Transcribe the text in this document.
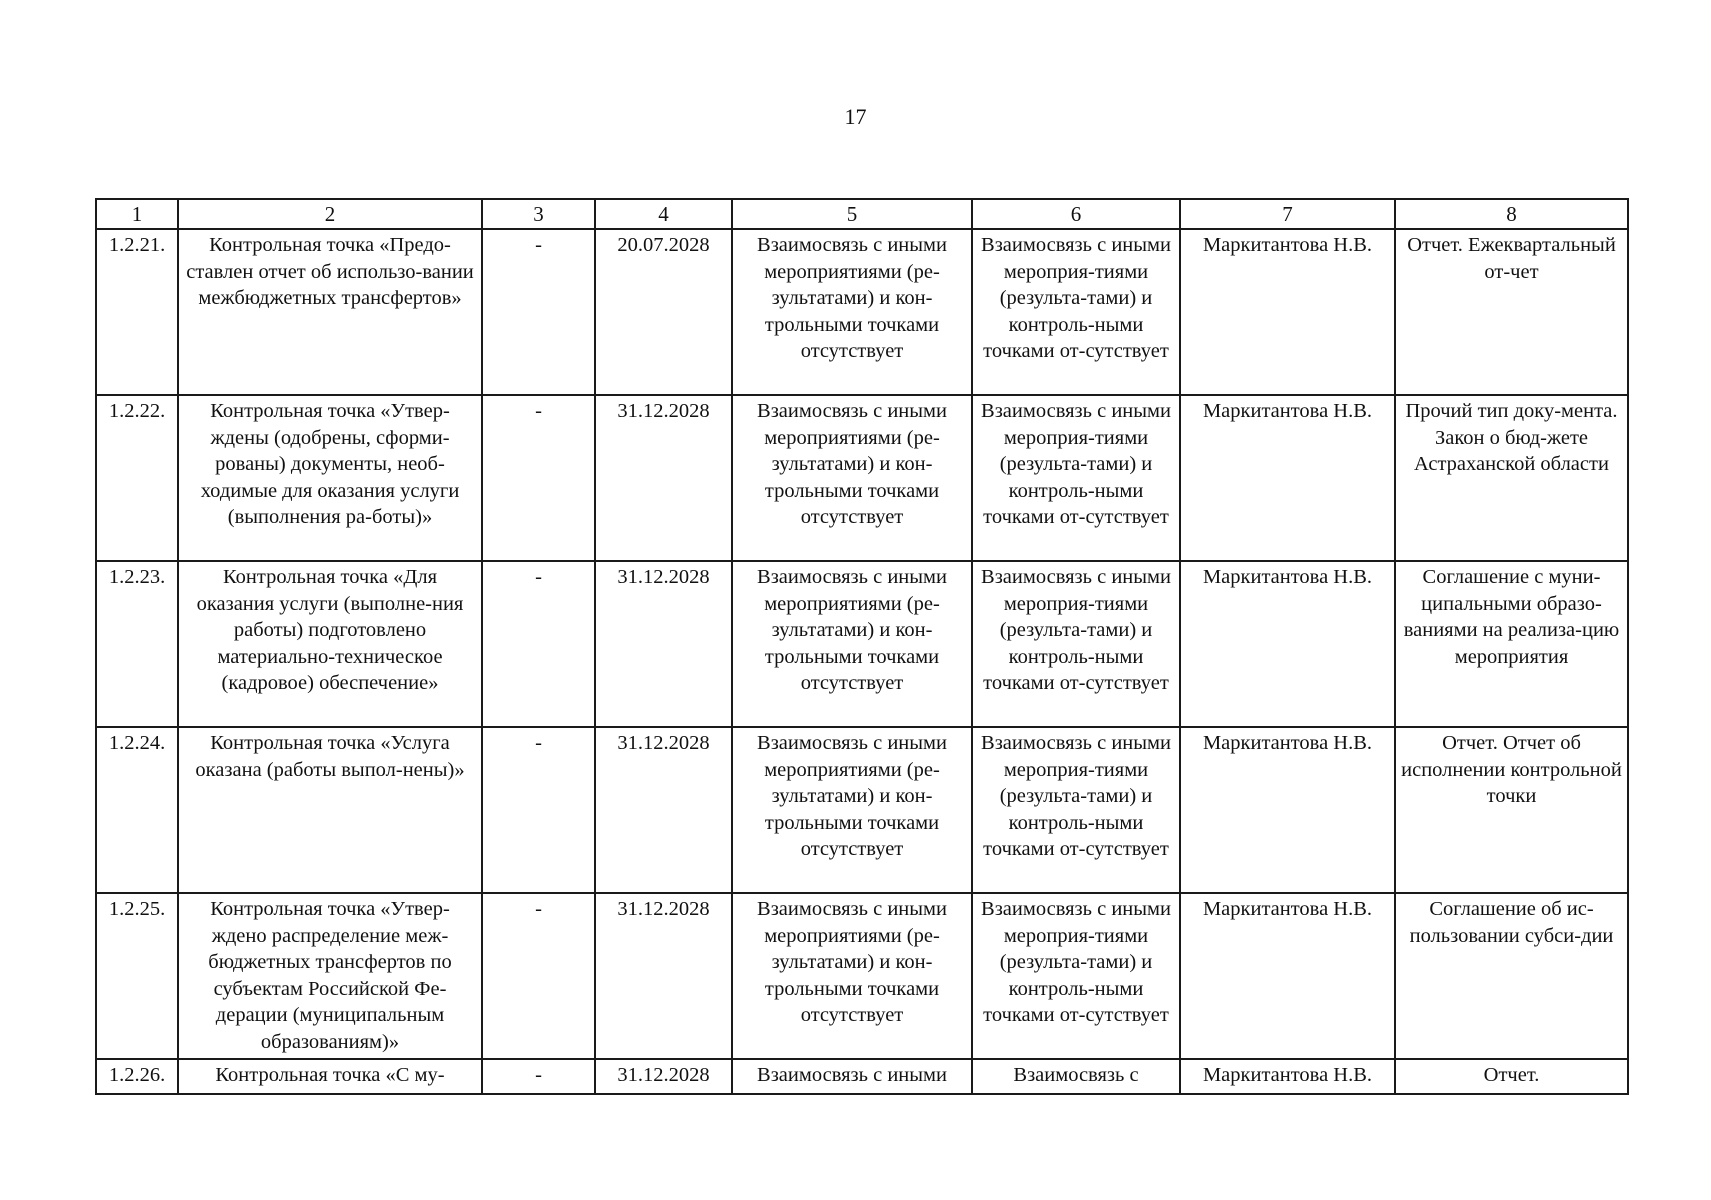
17
1	2	3	4	5	6	7	8
1.2.21.	Контрольная точка «Предо-ставлен отчет об использо-вании межбюджетных трансфертов»	-	20.07.2028	Взаимосвязь с иными мероприятиями (ре-зультатами) и кон-трольными точками отсутствует	Взаимосвязь с иными мероприя-тиями (результа-тами) и контроль-ными точками от-сутствует	Маркитантова Н.В.	Отчет. Ежеквартальный от-чет
1.2.22.	Контрольная точка «Утвер-ждены (одобрены, сформи-рованы) документы, необ-ходимые для оказания услуги (выполнения ра-боты)»	-	31.12.2028	Взаимосвязь с иными мероприятиями (ре-зультатами) и кон-трольными точками отсутствует	Взаимосвязь с иными мероприя-тиями (результа-тами) и контроль-ными точками от-сутствует	Маркитантова Н.В.	Прочий тип доку-мента. Закон о бюд-жете Астраханской области
1.2.23.	Контрольная точка «Для оказания услуги (выполне-ния работы) подготовлено материально-техническое (кадровое) обеспечение»	-	31.12.2028	Взаимосвязь с иными мероприятиями (ре-зультатами) и кон-трольными точками отсутствует	Взаимосвязь с иными мероприя-тиями (результа-тами) и контроль-ными точками от-сутствует	Маркитантова Н.В.	Соглашение с муни-ципальными образо-ваниями на реализа-цию мероприятия
1.2.24.	Контрольная точка «Услуга оказана (работы выпол-нены)»	-	31.12.2028	Взаимосвязь с иными мероприятиями (ре-зультатами) и кон-трольными точками отсутствует	Взаимосвязь с иными мероприя-тиями (результа-тами) и контроль-ными точками от-сутствует	Маркитантова Н.В.	Отчет. Отчет об исполнении контрольной точки
1.2.25.	Контрольная точка «Утвер-ждено распределение меж-бюджетных трансфертов по субъектам Российской Фе-дерации (муниципальным образованиям)»	-	31.12.2028	Взаимосвязь с иными мероприятиями (ре-зультатами) и кон-трольными точками отсутствует	Взаимосвязь с иными мероприя-тиями (результа-тами) и контроль-ными точками от-сутствует	Маркитантова Н.В.	Соглашение об ис-пользовании субси-дии
1.2.26.	Контрольная точка «С му-	-	31.12.2028	Взаимосвязь с иными	Взаимосвязь с	Маркитантова Н.В.	Отчет.
